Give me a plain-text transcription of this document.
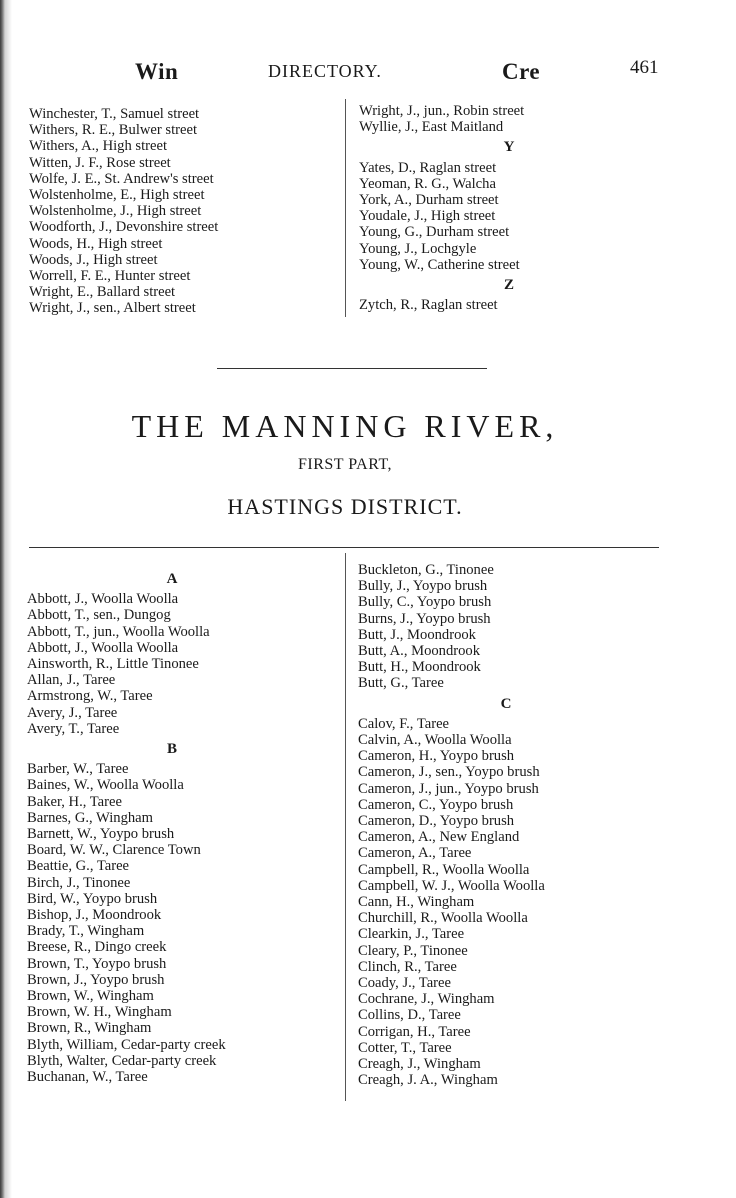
Win	DIRECTORY.	Cre	461
Winchester, T., Samuel street
Withers, R. E., Bulwer street
Withers, A., High street
Witten, J. F., Rose street
Wolfe, J. E., St. Andrew's street
Wolstenholme, E., High street
Wolstenholme, J., High street
Woodforth, J., Devonshire street
Woods, H., High street
Woods, J., High street
Worrell, F. E., Hunter street
Wright, E., Ballard street
Wright, J., sen., Albert street
Wright, J., jun., Robin street
Wyllie, J., East Maitland
Y
Yates, D., Raglan street
Yeoman, R. G., Walcha
York, A., Durham street
Youdale, J., High street
Young, G., Durham street
Young, J., Lochgyle
Young, W., Catherine street
Z
Zytch, R., Raglan street
THE MANNING RIVER,
FIRST PART,
HASTINGS DISTRICT.
A
Abbott, J., Woolla Woolla
Abbott, T., sen., Dungog
Abbott, T., jun., Woolla Woolla
Abbott, J., Woolla Woolla
Ainsworth, R., Little Tinonee
Allan, J., Taree
Armstrong, W., Taree
Avery, J., Taree
Avery, T., Taree
B
Barber, W., Taree
Baines, W., Woolla Woolla
Baker, H., Taree
Barnes, G., Wingham
Barnett, W., Yoypo brush
Board, W. W., Clarence Town
Beattie, G., Taree
Birch, J., Tinonee
Bird, W., Yoypo brush
Bishop, J., Moondrook
Brady, T., Wingham
Breese, R., Dingo creek
Brown, T., Yoypo brush
Brown, J., Yoypo brush
Brown, W., Wingham
Brown, W. H., Wingham
Brown, R., Wingham
Blyth, William, Cedar-party creek
Blyth, Walter, Cedar-party creek
Buchanan, W., Taree
Buckleton, G., Tinonee
Bully, J., Yoypo brush
Bully, C., Yoypo brush
Burns, J., Yoypo brush
Butt, J., Moondrook
Butt, A., Moondrook
Butt, H., Moondrook
Butt, G., Taree
C
Calov, F., Taree
Calvin, A., Woolla Woolla
Cameron, H., Yoypo brush
Cameron, J., sen., Yoypo brush
Cameron, J., jun., Yoypo brush
Cameron, C., Yoypo brush
Cameron, D., Yoypo brush
Cameron, A., New England
Cameron, A., Taree
Campbell, R., Woolla Woolla
Campbell, W. J., Woolla Woolla
Cann, H., Wingham
Churchill, R., Woolla Woolla
Clearkin, J., Taree
Cleary, P., Tinonee
Clinch, R., Taree
Coady, J., Taree
Cochrane, J., Wingham
Collins, D., Taree
Corrigan, H., Taree
Cotter, T., Taree
Creagh, J., Wingham
Creagh, J. A., Wingham
